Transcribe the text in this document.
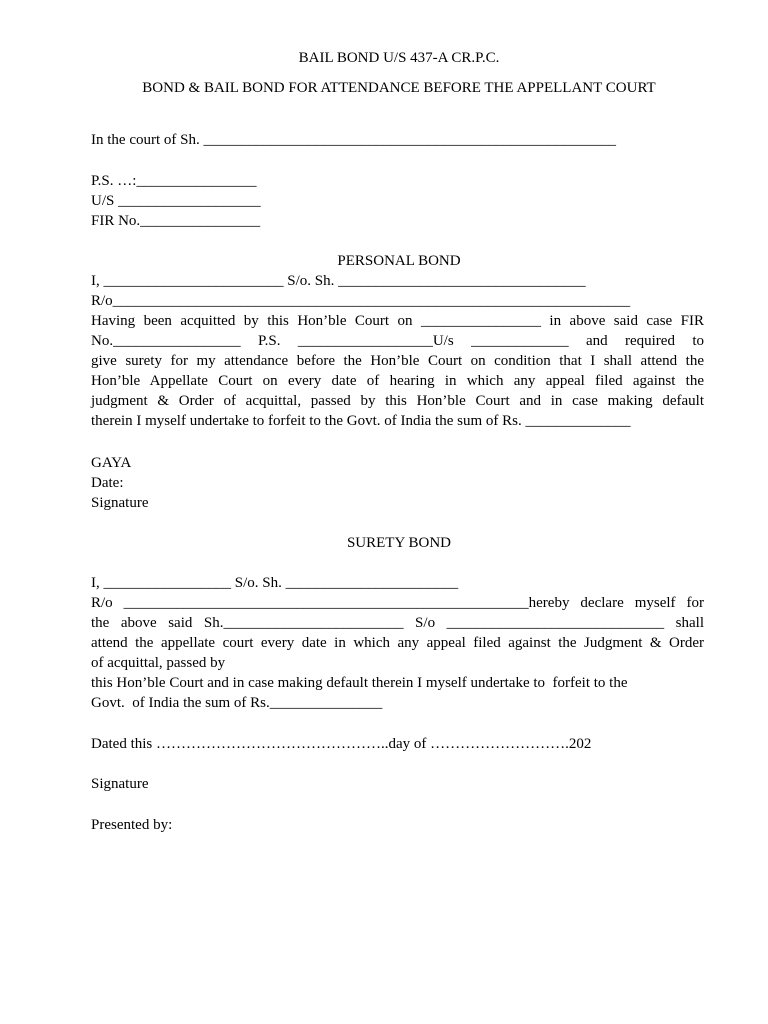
BAIL BOND U/S 437-A CR.P.C.
BOND & BAIL BOND FOR ATTENDANCE BEFORE THE APPELLANT COURT
In the court of Sh. _______________________________________________________
P.S. …:________________
U/S ___________________
FIR No.________________
PERSONAL BOND
I, ________________________ S/o. Sh. _________________________________
R/o_____________________________________________________________________
Having been acquitted by this Hon’ble Court on ________________ in above said case FIR
No._________________ P.S. __________________U/s _____________ and required to
give surety for my attendance before the Hon’ble Court on condition that I shall attend the
Hon’ble Appellate Court on every date of hearing in which any appeal filed against the
judgment & Order of acquittal, passed by this Hon’ble Court and in case making default
therein I myself undertake to forfeit to the Govt. of India the sum of Rs. ______________
GAYA
Date:
Signature
SURETY BOND
I, _________________ S/o. Sh. _______________________
R/o ______________________________________________________hereby declare myself for
the above said Sh.________________________ S/o _____________________________ shall
attend the appellate court every date in which any appeal filed against the Judgment & Order
of acquittal, passed by
this Hon’ble Court and in case making default therein I myself undertake to  forfeit to the
Govt.  of India the sum of Rs._______________
Dated this ………………………………………..day of ……………………….202
Signature
Presented by:
